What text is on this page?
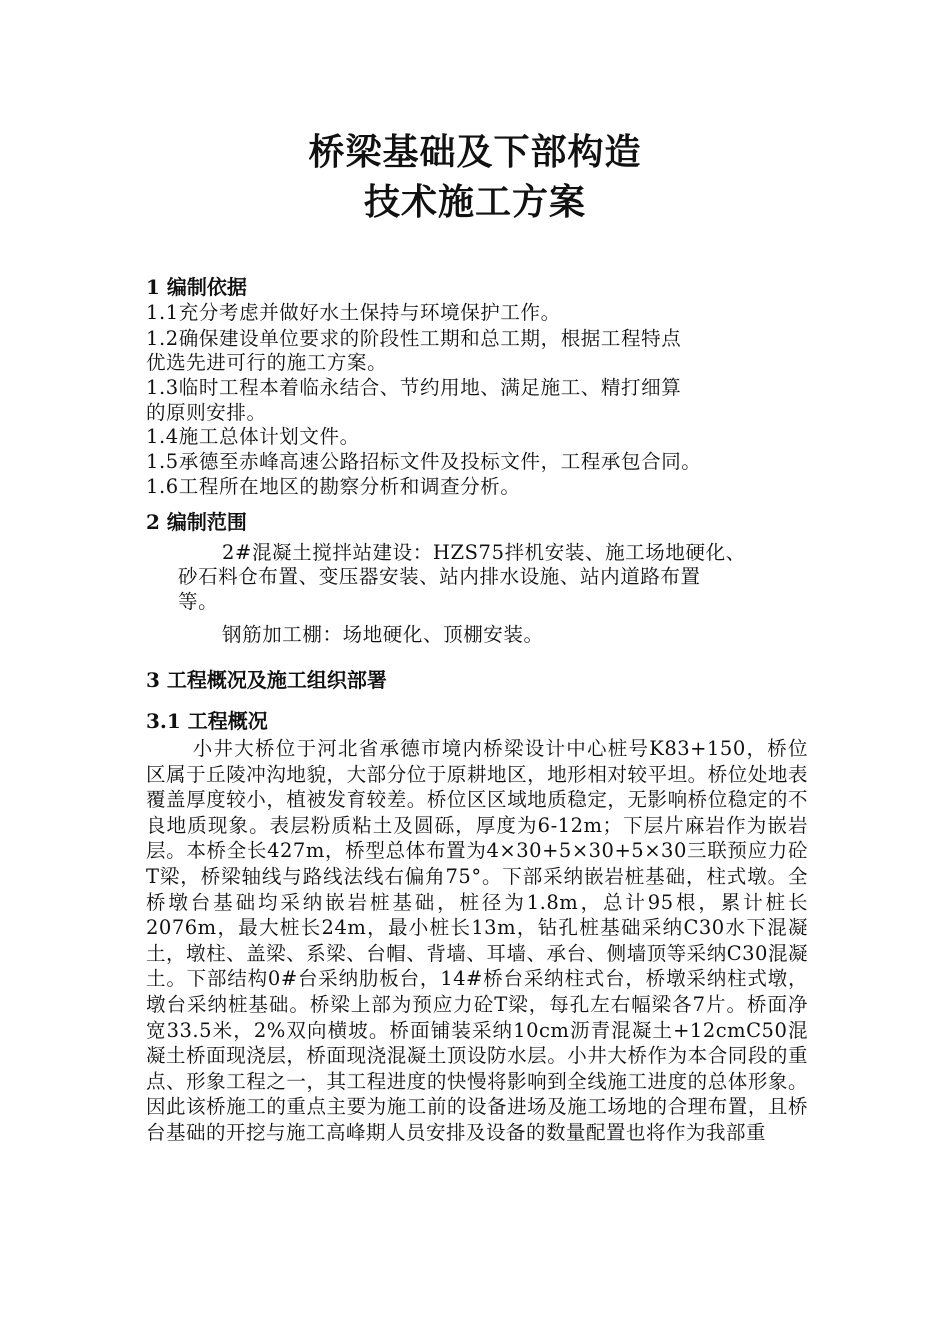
桥梁基础及下部构造
技术施工方案
1 编制依据
1.1充分考虑并做好水土保持与环境保护工作。
1.2确保建设单位要求的阶段性工期和总工期，根据工程特点
优选先进可行的施工方案。
1.3临时工程本着临永结合、节约用地、满足施工、精打细算
的原则安排。
1.4施工总体计划文件。
1.5承德至赤峰高速公路招标文件及投标文件，工程承包合同。
1.6工程所在地区的勘察分析和调查分析。
2 编制范围
2#混凝土搅拌站建设：HZS75拌机安装、施工场地硬化、
砂石料仓布置、变压器安装、站内排水设施、站内道路布置
等。
钢筋加工棚：场地硬化、顶棚安装。
3 工程概况及施工组织部署
3.1 工程概况
小井大桥位于河北省承德市境内桥梁设计中心桩号K83+150，桥位区属于丘陵冲沟地貌，大部分位于原耕地区，地形相对较平坦。桥位处地表覆盖厚度较小，植被发育较差。桥位区区域地质稳定，无影响桥位稳定的不良地质现象。表层粉质粘土及圆砾，厚度为6-12m；下层片麻岩作为嵌岩层。本桥全长427m，桥型总体布置为4×30+5×30+5×30三联预应力砼T梁，桥梁轴线与路线法线右偏角75°。下部采纳嵌岩桩基础，柱式墩。全桥墩台基础均采纳嵌岩桩基础，桩径为1.8m，总计95根，累计桩长2076m，最大桩长24m，最小桩长13m，钻孔桩基础采纳C30水下混凝土，墩柱、盖梁、系梁、台帽、背墙、耳墙、承台、侧墙顶等采纳C30混凝土。下部结构0#台采纳肋板台，14#桥台采纳柱式台，桥墩采纳柱式墩，墩台采纳桩基础。桥梁上部为预应力砼T梁，每孔左右幅梁各7片。桥面净宽33.5米，2%双向横坡。桥面铺装采纳10cm沥青混凝土+12cmC50混凝土桥面现浇层，桥面现浇混凝土顶设防水层。小井大桥作为本合同段的重点、形象工程之一，其工程进度的快慢将影响到全线施工进度的总体形象。因此该桥施工的重点主要为施工前的设备进场及施工场地的合理布置，且桥台基础的开挖与施工高峰期人员安排及设备的数量配置也将作为我部重
